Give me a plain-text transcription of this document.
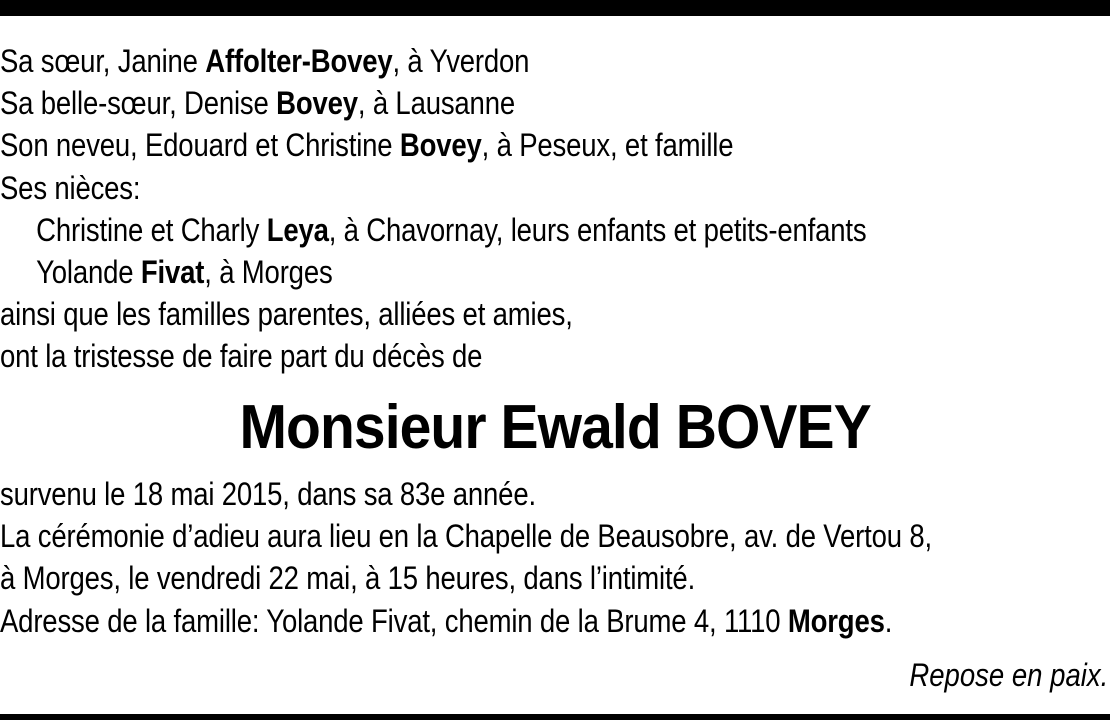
Sa sœur, Janine Affolter-Bovey, à Yverdon
Sa belle-sœur, Denise Bovey, à Lausanne
Son neveu, Edouard et Christine Bovey, à Peseux, et famille
Ses nièces:
Christine et Charly Leya, à Chavornay, leurs enfants et petits-enfants
Yolande Fivat, à Morges
ainsi que les familles parentes, alliées et amies,
ont la tristesse de faire part du décès de
Monsieur Ewald BOVEY
survenu le 18 mai 2015, dans sa 83e année.
La cérémonie d’adieu aura lieu en la Chapelle de Beausobre, av. de Vertou 8,
à Morges, le vendredi 22 mai, à 15 heures, dans l’intimité.
Adresse de la famille: Yolande Fivat, chemin de la Brume 4, 1110 Morges.
Repose en paix.
